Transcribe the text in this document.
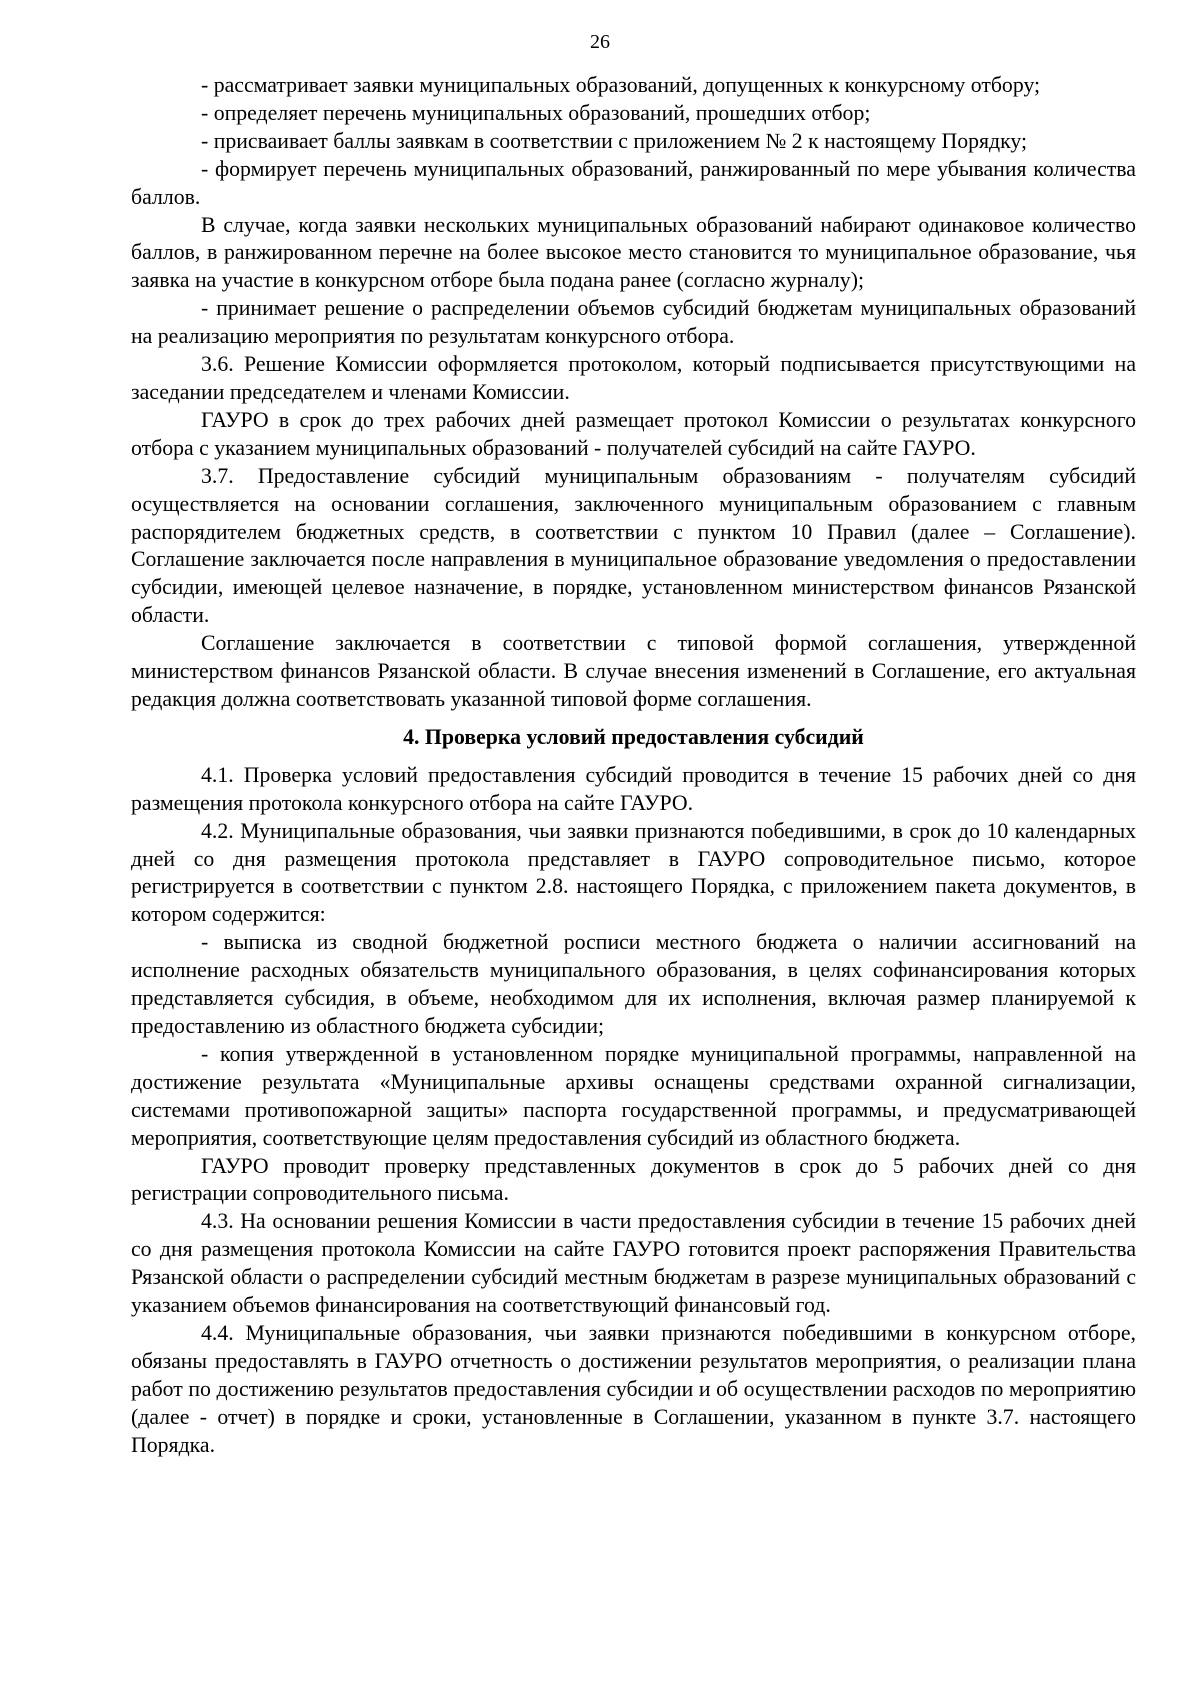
26

- рассматривает заявки муниципальных образований, допущенных к конкурсному отбору;

- определяет перечень муниципальных образований, прошедших отбор;

- присваивает баллы заявкам в соответствии с приложением № 2 к настоящему Порядку;

- формирует перечень муниципальных образований, ранжированный по мере убывания количества баллов.

В случае, когда заявки нескольких муниципальных образований набирают одинаковое количество баллов, в ранжированном перечне на более высокое место становится то муниципальное образование, чья заявка на участие в конкурсном отборе была подана ранее (согласно журналу);

- принимает решение о распределении объемов субсидий бюджетам муниципальных образований на реализацию мероприятия по результатам конкурсного отбора.

3.6. Решение Комиссии оформляется протоколом, который подписывается присутствующими на заседании председателем и членами Комиссии.

ГАУРО в срок до трех рабочих дней размещает протокол Комиссии о результатах конкурсного отбора с указанием муниципальных образований - получателей субсидий на сайте ГАУРО.

3.7. Предоставление субсидий муниципальным образованиям - получателям субсидий осуществляется на основании соглашения, заключенного муниципальным образованием с главным распорядителем бюджетных средств, в соответствии с пунктом 10 Правил (далее – Соглашение). Соглашение заключается после направления в муниципальное образование уведомления о предоставлении субсидии, имеющей целевое назначение, в порядке, установленном министерством финансов Рязанской области.

Соглашение заключается в соответствии с типовой формой соглашения, утвержденной министерством финансов Рязанской области. В случае внесения изменений в Соглашение, его актуальная редакция должна соответствовать указанной типовой форме соглашения.

4. Проверка условий предоставления субсидий

4.1. Проверка условий предоставления субсидий проводится в течение 15 рабочих дней со дня размещения протокола конкурсного отбора на сайте ГАУРО.

4.2. Муниципальные образования, чьи заявки признаются победившими, в срок до 10 календарных дней со дня размещения протокола представляет в ГАУРО сопроводительное письмо, которое регистрируется в соответствии с пунктом 2.8. настоящего Порядка, с приложением пакета документов, в котором содержится:

- выписка из сводной бюджетной росписи местного бюджета о наличии ассигнований на исполнение расходных обязательств муниципального образования, в целях софинансирования которых представляется субсидия, в объеме, необходимом для их исполнения, включая размер планируемой к предоставлению из областного бюджета субсидии;

- копия утвержденной в установленном порядке муниципальной программы, направленной на достижение результата «Муниципальные архивы оснащены средствами охранной сигнализации, системами противопожарной защиты» паспорта государственной программы, и предусматривающей мероприятия, соответствующие целям предоставления субсидий из областного бюджета.

ГАУРО проводит проверку представленных документов в срок до 5 рабочих дней со дня регистрации сопроводительного письма.

4.3. На основании решения Комиссии в части предоставления субсидии в течение 15 рабочих дней со дня размещения протокола Комиссии на сайте ГАУРО готовится проект распоряжения Правительства Рязанской области о распределении субсидий местным бюджетам в разрезе муниципальных образований с указанием объемов финансирования на соответствующий финансовый год.

4.4. Муниципальные образования, чьи заявки признаются победившими в конкурсном отборе, обязаны предоставлять в ГАУРО отчетность о достижении результатов мероприятия, о реализации плана работ по достижению результатов предоставления субсидии и об осуществлении расходов по мероприятию (далее - отчет) в порядке и сроки, установленные в Соглашении, указанном в пункте 3.7. настоящего Порядка.
